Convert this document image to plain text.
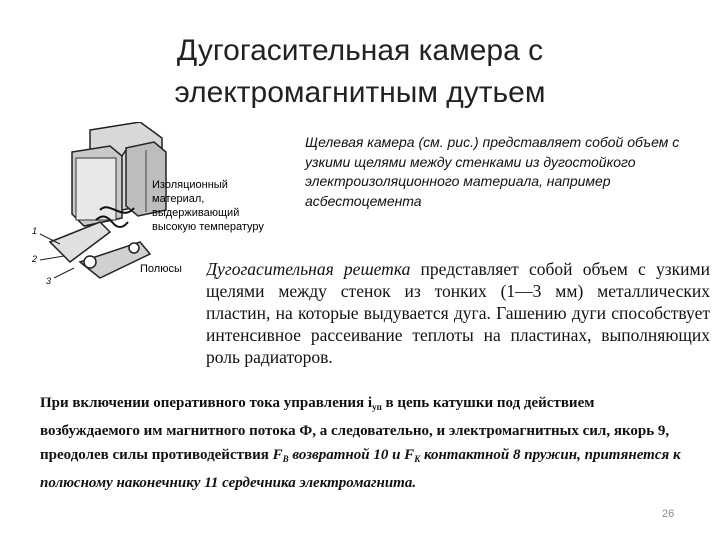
Дугогасительная камера с
электромагнитным дутьем
1
2
3
Изоляционный материал, выдерживающий высокую температуру
Полюсы
Щелевая камера (см. рис.) представляет собой объем с узкими щелями между стенками из дугостойкого электроизоляционного материала, например асбестоцемента
Дугогасительная решетка представляет собой объем с узкими щелями между стенок из тонких (1—3 мм) металлических пластин, на которые выдувается дуга. Гашению дуги способствует интенсивное рассеивание теплоты на пластинах, выполняющих роль радиаторов.
При включении оперативного тока управления $i_{уп}$ в цепь катушки под действием возбуждаемого им магнитного потока Ф, а следовательно, и электромагнитных сил, якорь 9, преодолев силы противодействия $F_B$ возвратной 10 и $F_K$ контактной 8 пружин, притянется к полюсному наконечнику 11 сердечника электромагнита.
26
